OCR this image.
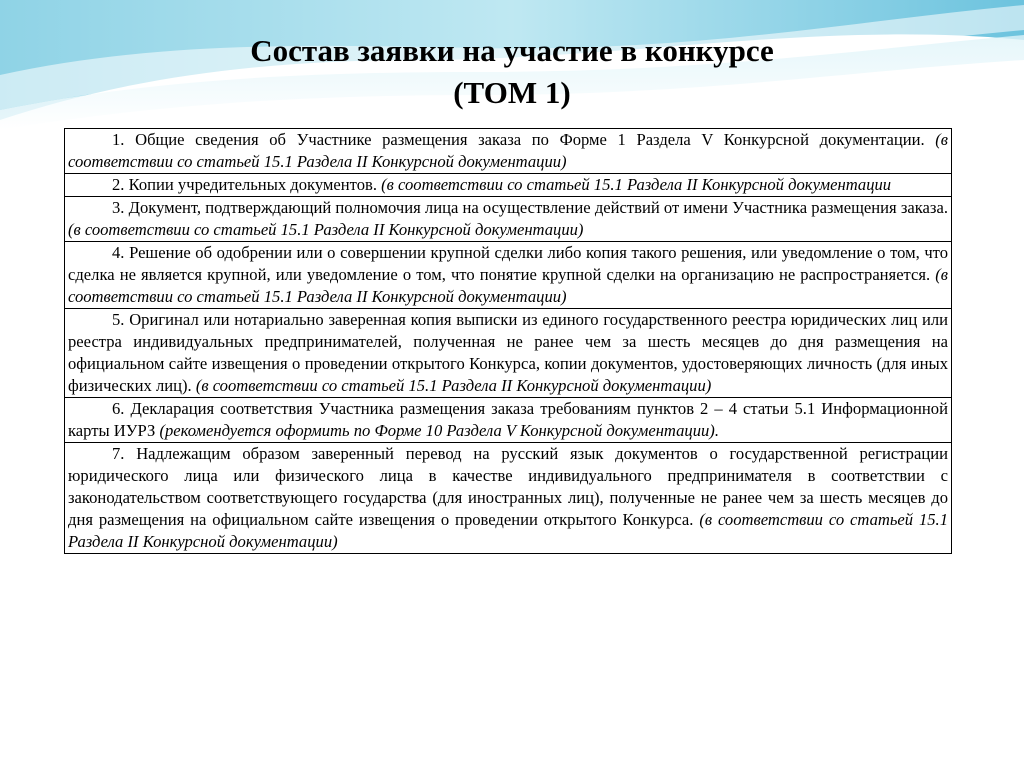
Состав заявки на участие в конкурсе
(ТОМ 1)
1. Общие сведения об Участнике размещения заказа по Форме 1 Раздела V Конкурсной документации. (в соответствии со статьей 15.1 Раздела II Конкурсной документации)
2. Копии учредительных документов. (в соответствии со статьей 15.1 Раздела II Конкурсной документации
3. Документ, подтверждающий полномочия лица на осуществление действий от имени Участника размещения заказа. (в соответствии со статьей 15.1 Раздела II Конкурсной документации)
4. Решение об одобрении или о совершении крупной сделки либо копия такого решения, или уведомление о том, что сделка не является крупной, или уведомление о том, что понятие крупной сделки на организацию не распространяется. (в соответствии со статьей 15.1 Раздела II Конкурсной документации)
5. Оригинал или нотариально заверенная копия выписки из единого государственного реестра юридических лиц или реестра индивидуальных предпринимателей, полученная не ранее чем за шесть месяцев до дня размещения на официальном сайте извещения о проведении открытого Конкурса, копии документов, удостоверяющих личность (для иных физических лиц). (в соответствии со статьей 15.1 Раздела II Конкурсной документации)
6. Декларация соответствия Участника размещения заказа требованиям пунктов 2 – 4 статьи 5.1 Информационной карты ИУРЗ (рекомендуется оформить по Форме 10 Раздела V Конкурсной документации).
7. Надлежащим образом заверенный перевод на русский язык документов о государственной регистрации юридического лица или физического лица в качестве индивидуального предпринимателя в соответствии с законодательством соответствующего государства (для иностранных лиц), полученные не ранее чем за шесть месяцев до дня размещения на официальном сайте извещения о проведении открытого Конкурса. (в соответствии со статьей 15.1 Раздела II Конкурсной документации)
